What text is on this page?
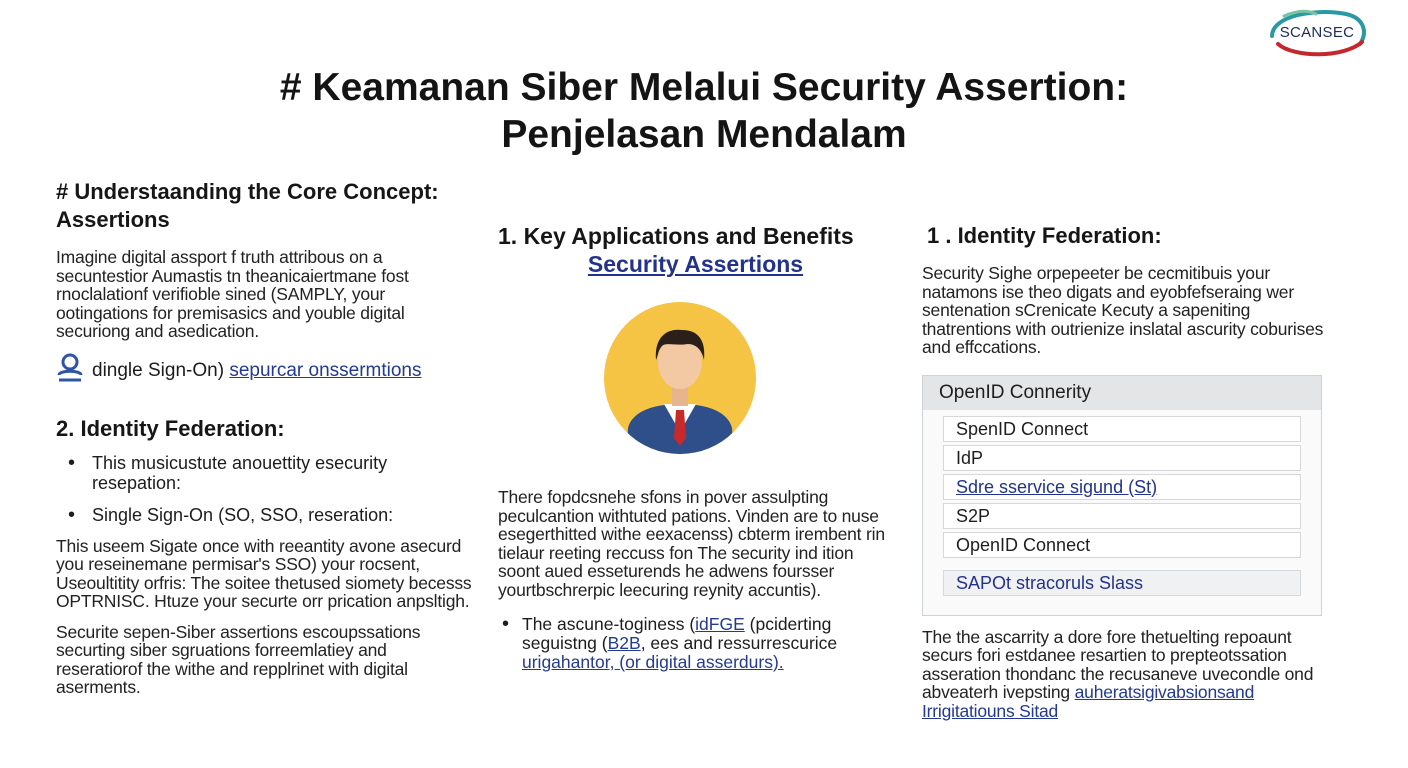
SCANSEC
# Keamanan Siber Melalui Security Assertion:
Penjelasan Mendalam
# Understaanding the Core Concept: Assertions

Imagine digital assport f truth attribous on a secuntestior Aumastis tn theanicaiertmane fost rnoclalationf verifioble sined (SAMPLY, your ootingations for premisasics and youble digital securiong and asedication.

dingle Sign-On)
sepurcar onssermtions
2. Identity Federation:
• This musicustute anouettity esecurity resepation:
• Single Sign-On (SO, SSO, reseration:

This useem Sigate once with reeantity avone asecurd you reseinemane permisar's SSO) your rocsent, Useoultitity orfris: The soitee thetused siomety becesss OPTRNISC. Htuze your securte orr prication anpsltigh.

Securite sepen-Siber assertions escoupssations securting siber sgruations forreemlatiey and reseratiorof the withe and repplrinet with digital aserments.

1. Key Applications and Benefits
Security Assertions

There fopdcsnehe sfons in pover assulpting peculcantion withtuted pations. Vinden are to nuse esegerthitted withe eexacenss) cbterm irembent rin tielaur reeting reccuss fon The security ind ition soont aued esseturends he adwens foursser yourtbschrerpic leecuring reynity accuntis).

• The ascune-toginess (idFGE (pciderting seguistng (B2B, ees and ressurrescurice urigahantor, (or digital asserdurs).
1 . Identity Federation:

Security Sighe orpepeeter be cecmitibuis your natamons ise theo digats and eyobfefseraing wer sentenation sCrenicate Kecuty a sapeniting thatrentions with outrienize inslatal ascurity coburises and effccations.

OpenID Connerity
SpenID Connect
IdP
Sdre sservice sigund (St)
S2P
OpenID Connect
SAPOt stracoruls Slass

The the ascarrity a dore fore thetuelting repoaunt securs fori estdanee resartien to prepteotssation asseration thondanc the recusaneve uvecondle ond abveaterh ivepsting auheratsigivabsionsand
Irrigitatiouns Sitad
